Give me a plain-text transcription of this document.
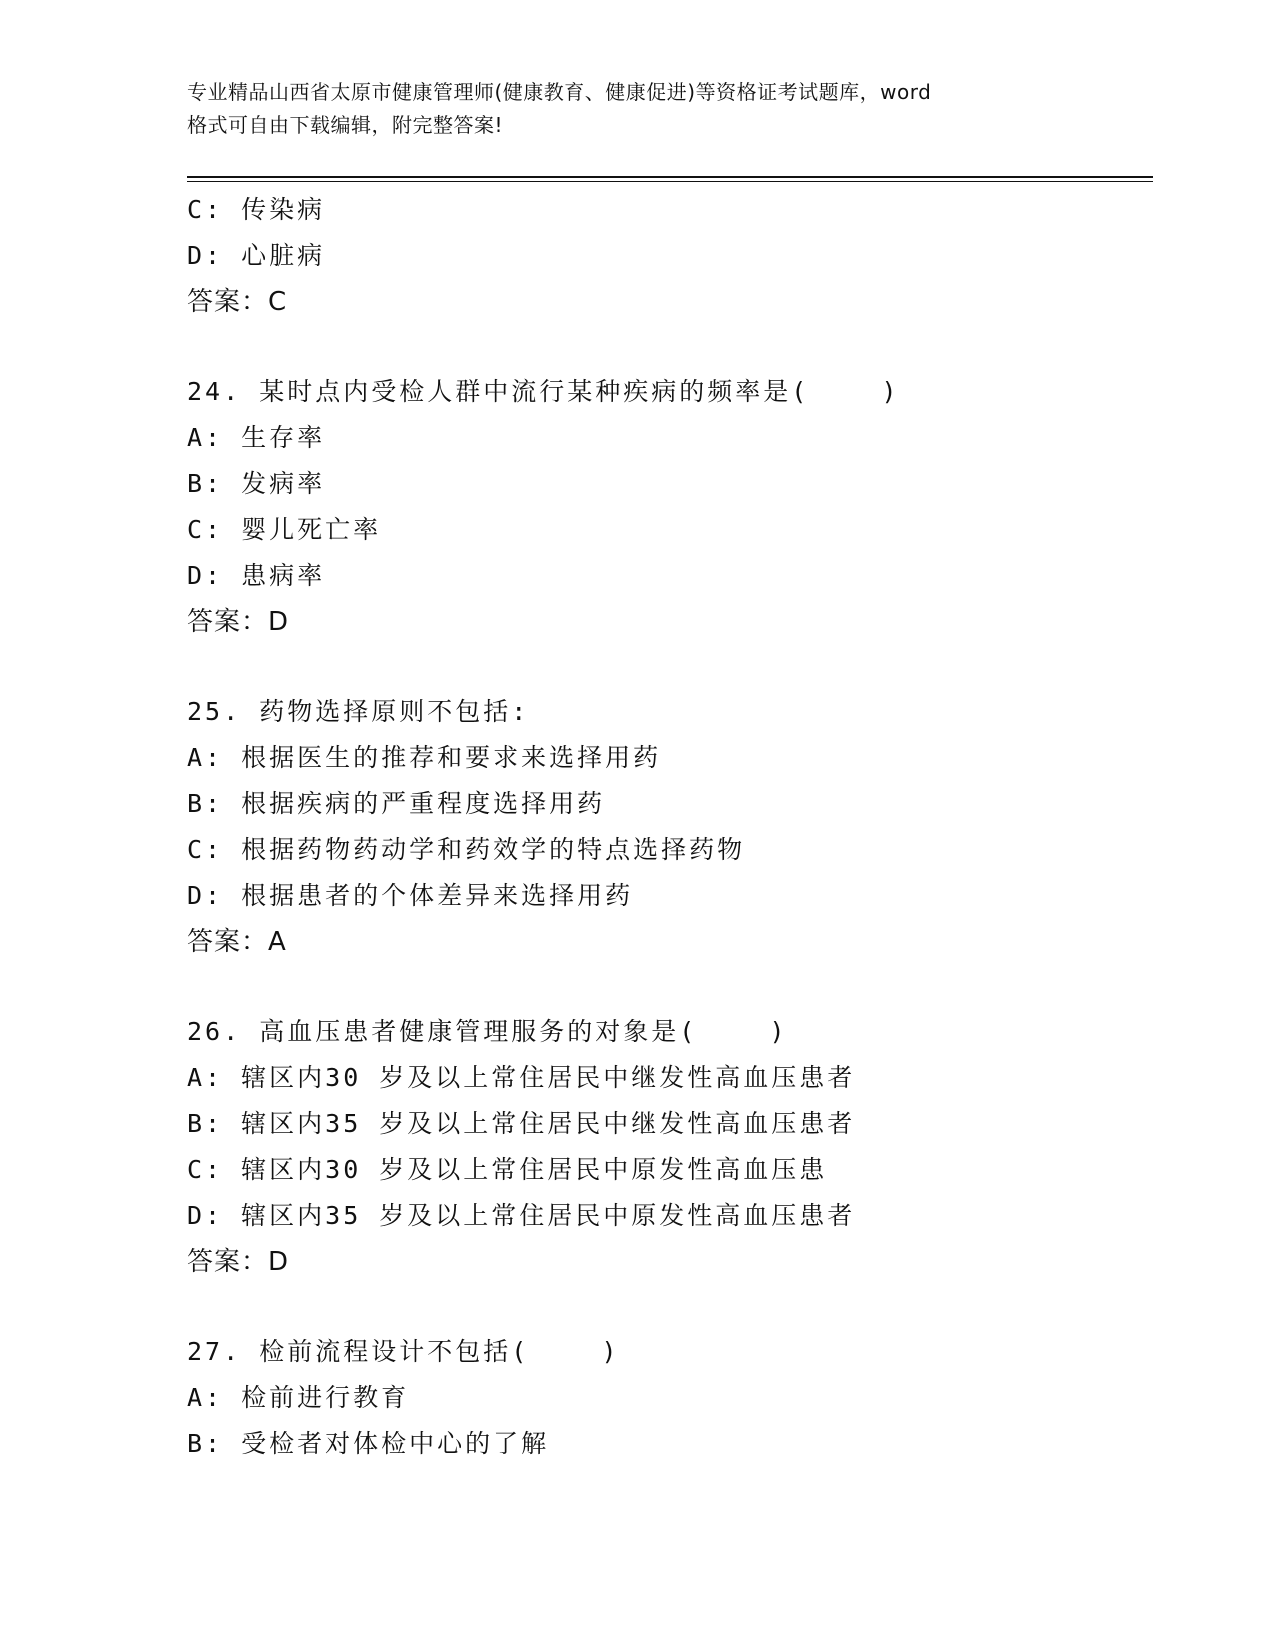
专业精品山西省太原市健康管理师(健康教育、健康促进)等资格证考试题库，word
格式可自由下载编辑，附完整答案!
C: 传染病
D: 心脏病
答案：C
24. 某时点内受检人群中流行某种疾病的频率是(    )
A: 生存率
B: 发病率
C: 婴儿死亡率
D: 患病率
答案：D
25. 药物选择原则不包括:
A: 根据医生的推荐和要求来选择用药
B: 根据疾病的严重程度选择用药
C: 根据药物药动学和药效学的特点选择药物
D: 根据患者的个体差异来选择用药
答案：A
26. 高血压患者健康管理服务的对象是(    )
A: 辖区内30 岁及以上常住居民中继发性高血压患者
B: 辖区内35 岁及以上常住居民中继发性高血压患者
C: 辖区内30 岁及以上常住居民中原发性高血压患
D: 辖区内35 岁及以上常住居民中原发性高血压患者
答案：D
27. 检前流程设计不包括(    )
A: 检前进行教育
B: 受检者对体检中心的了解
